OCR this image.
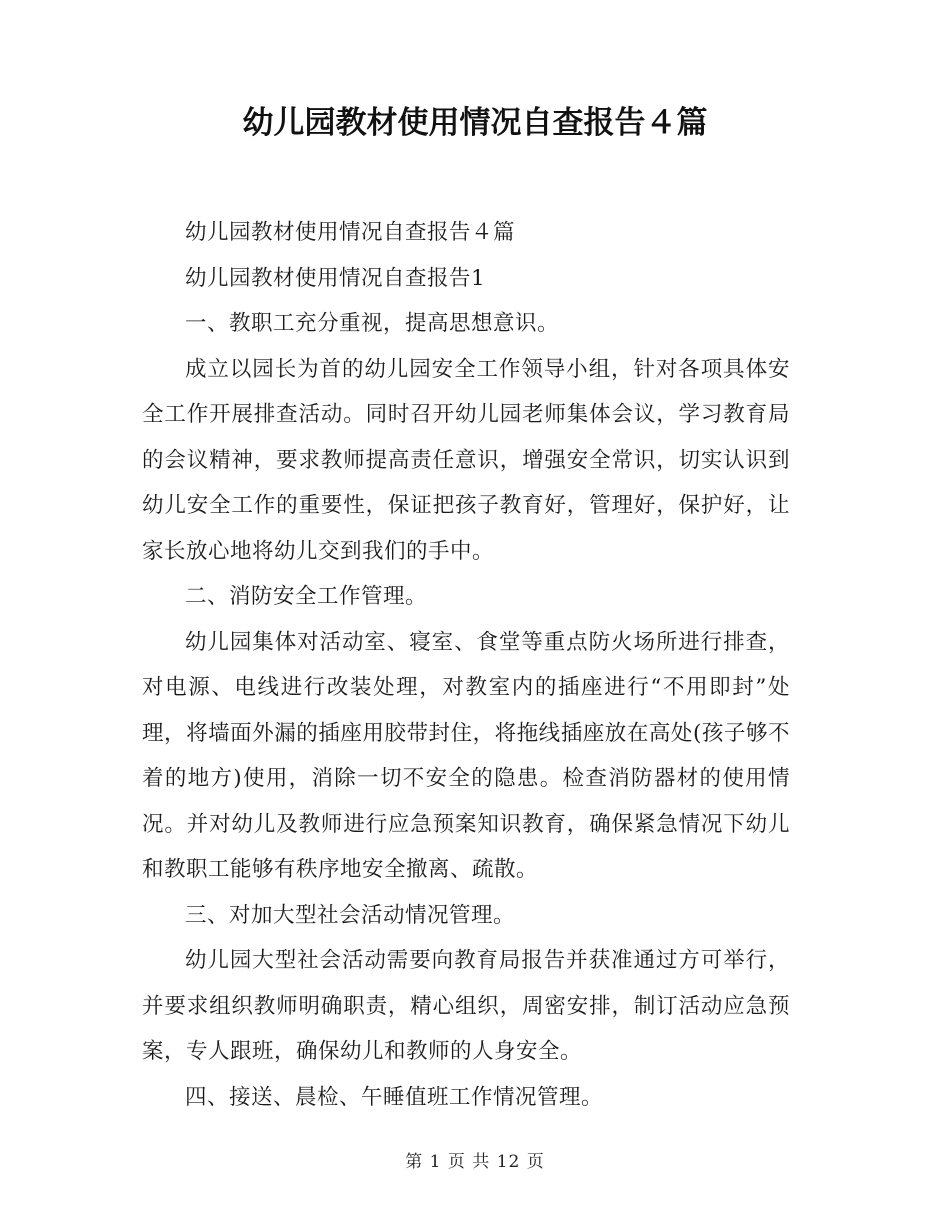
幼儿园教材使用情况自查报告４篇

幼儿园教材使用情况自查报告４篇

幼儿园教材使用情况自查报告1

一、教职工充分重视，提高思想意识。

成立以园长为首的幼儿园安全工作领导小组，针对各项具体安全工作开展排查活动。同时召开幼儿园老师集体会议，学习教育局的会议精神，要求教师提高责任意识，增强安全常识，切实认识到幼儿安全工作的重要性，保证把孩子教育好，管理好，保护好，让家长放心地将幼儿交到我们的手中。

二、消防安全工作管理。

幼儿园集体对活动室、寝室、食堂等重点防火场所进行排查，对电源、电线进行改装处理，对教室内的插座进行“不用即封”处理，将墙面外漏的插座用胶带封住，将拖线插座放在高处(孩子够不着的地方)使用，消除一切不安全的隐患。检查消防器材的使用情况。并对幼儿及教师进行应急预案知识教育，确保紧急情况下幼儿和教职工能够有秩序地安全撤离、疏散。

三、对加大型社会活动情况管理。

幼儿园大型社会活动需要向教育局报告并获准通过方可举行，并要求组织教师明确职责，精心组织，周密安排，制订活动应急预案，专人跟班，确保幼儿和教师的人身安全。

四、接送、晨检、午睡值班工作情况管理。

第 1 页 共 12 页
